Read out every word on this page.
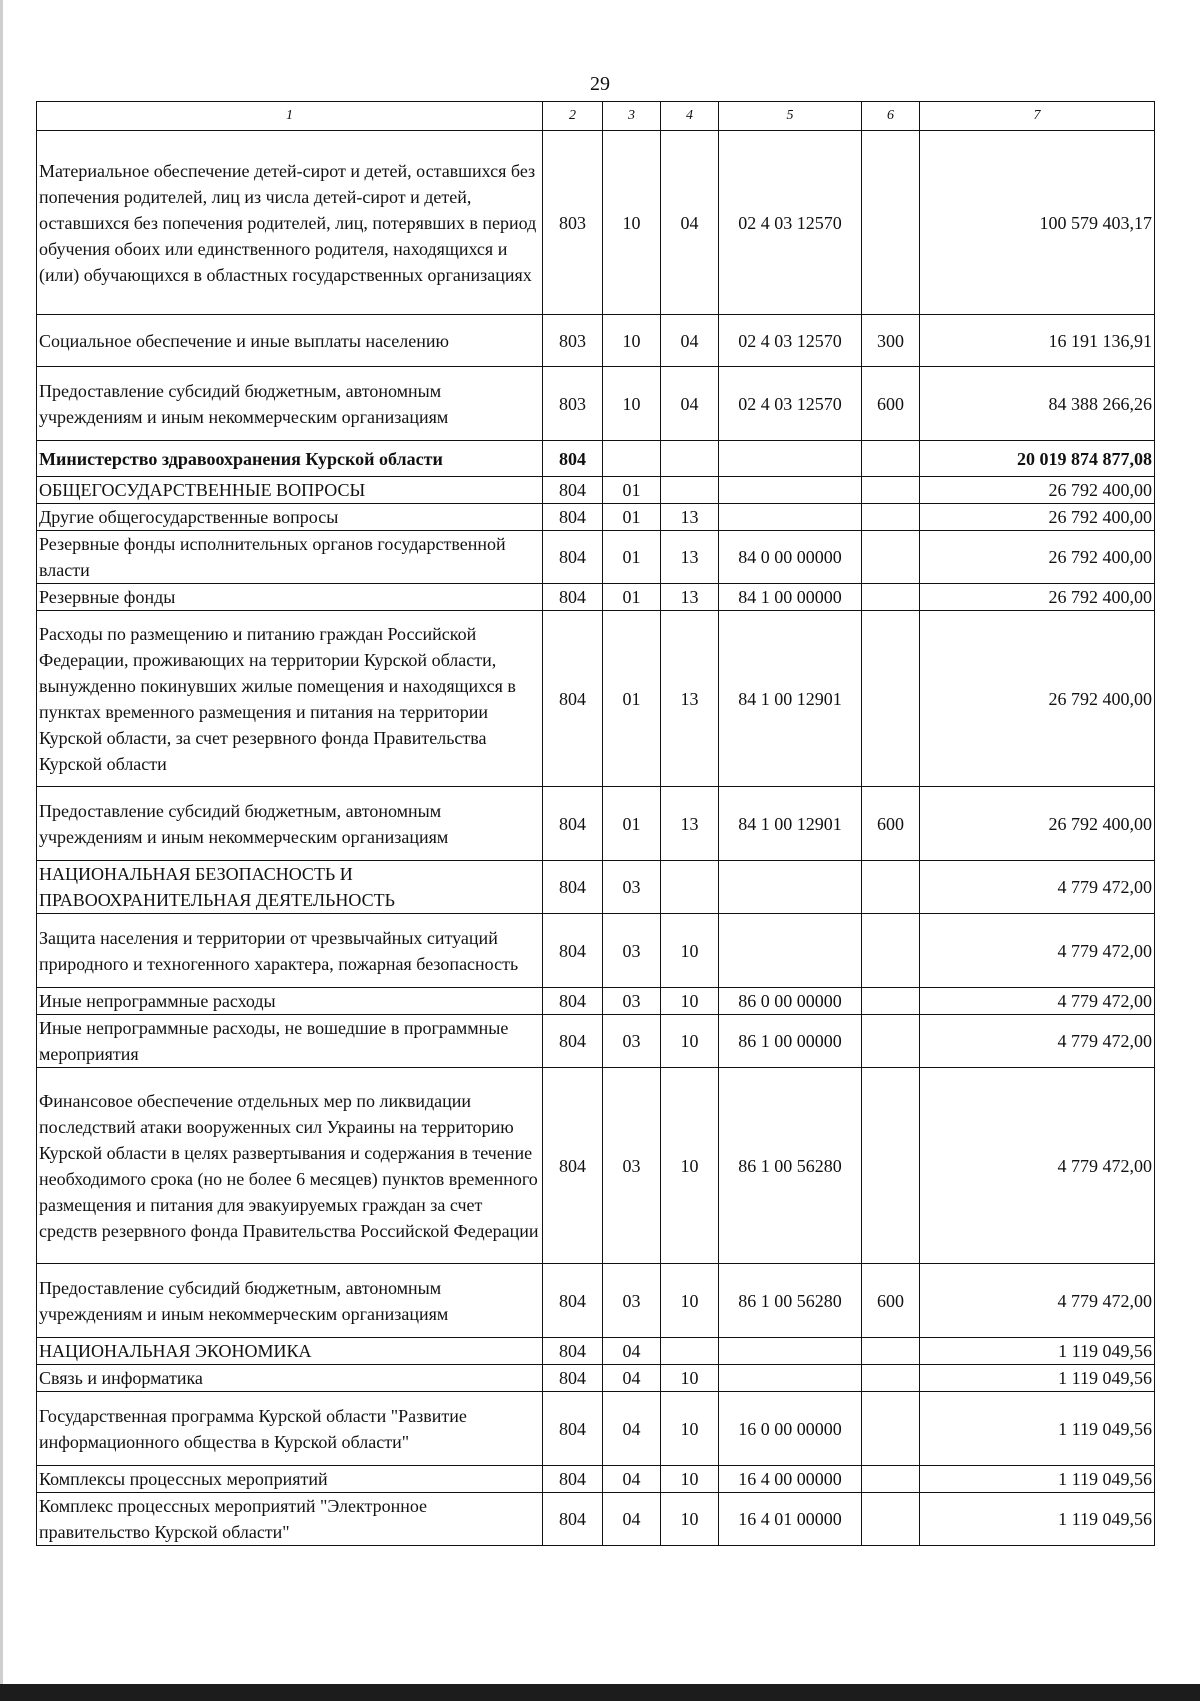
29
1	2	3	4	5	6	7
Материальное обеспечение детей-сирот и детей, оставшихся без попечения родителей, лиц из числа детей-сирот и детей, оставшихся без попечения родителей, лиц, потерявших в период обучения обоих или единственного родителя, находящихся и (или) обучающихся в областных государственных организациях	803	10	04	02 4 03 12570		100 579 403,17
Социальное обеспечение и иные выплаты населению	803	10	04	02 4 03 12570	300	16 191 136,91
Предоставление субсидий бюджетным, автономным учреждениям и иным некоммерческим организациям	803	10	04	02 4 03 12570	600	84 388 266,26
Министерство здравоохранения Курской области	804					20 019 874 877,08
ОБЩЕГОСУДАРСТВЕННЫЕ ВОПРОСЫ	804	01				26 792 400,00
Другие общегосударственные вопросы	804	01	13			26 792 400,00
Резервные фонды исполнительных органов государственной власти	804	01	13	84 0 00 00000		26 792 400,00
Резервные фонды	804	01	13	84 1 00 00000		26 792 400,00
Расходы по размещению и питанию граждан Российской Федерации, проживающих на территории Курской области, вынужденно покинувших жилые помещения и находящихся в пунктах временного размещения и питания на территории Курской области, за счет резервного фонда Правительства Курской области	804	01	13	84 1 00 12901		26 792 400,00
Предоставление субсидий бюджетным, автономным учреждениям и иным некоммерческим организациям	804	01	13	84 1 00 12901	600	26 792 400,00
НАЦИОНАЛЬНАЯ БЕЗОПАСНОСТЬ И ПРАВООХРАНИТЕЛЬНАЯ ДЕЯТЕЛЬНОСТЬ	804	03				4 779 472,00
Защита населения и территории от чрезвычайных ситуаций природного и техногенного характера, пожарная безопасность	804	03	10			4 779 472,00
Иные непрограммные расходы	804	03	10	86 0 00 00000		4 779 472,00
Иные непрограммные расходы, не вошедшие в программные мероприятия	804	03	10	86 1 00 00000		4 779 472,00
Финансовое обеспечение отдельных мер по ликвидации последствий атаки вооруженных сил Украины на территорию Курской области в целях развертывания и содержания в течение необходимого срока (но не более 6 месяцев) пунктов временного размещения и питания для эвакуируемых граждан за счет средств резервного фонда Правительства Российской Федерации	804	03	10	86 1 00 56280		4 779 472,00
Предоставление субсидий бюджетным, автономным учреждениям и иным некоммерческим организациям	804	03	10	86 1 00 56280	600	4 779 472,00
НАЦИОНАЛЬНАЯ ЭКОНОМИКА	804	04				1 119 049,56
Связь и информатика	804	04	10			1 119 049,56
Государственная программа Курской области "Развитие информационного общества в Курской области"	804	04	10	16 0 00 00000		1 119 049,56
Комплексы процессных мероприятий	804	04	10	16 4 00 00000		1 119 049,56
Комплекс процессных мероприятий "Электронное правительство Курской области"	804	04	10	16 4 01 00000		1 119 049,56
